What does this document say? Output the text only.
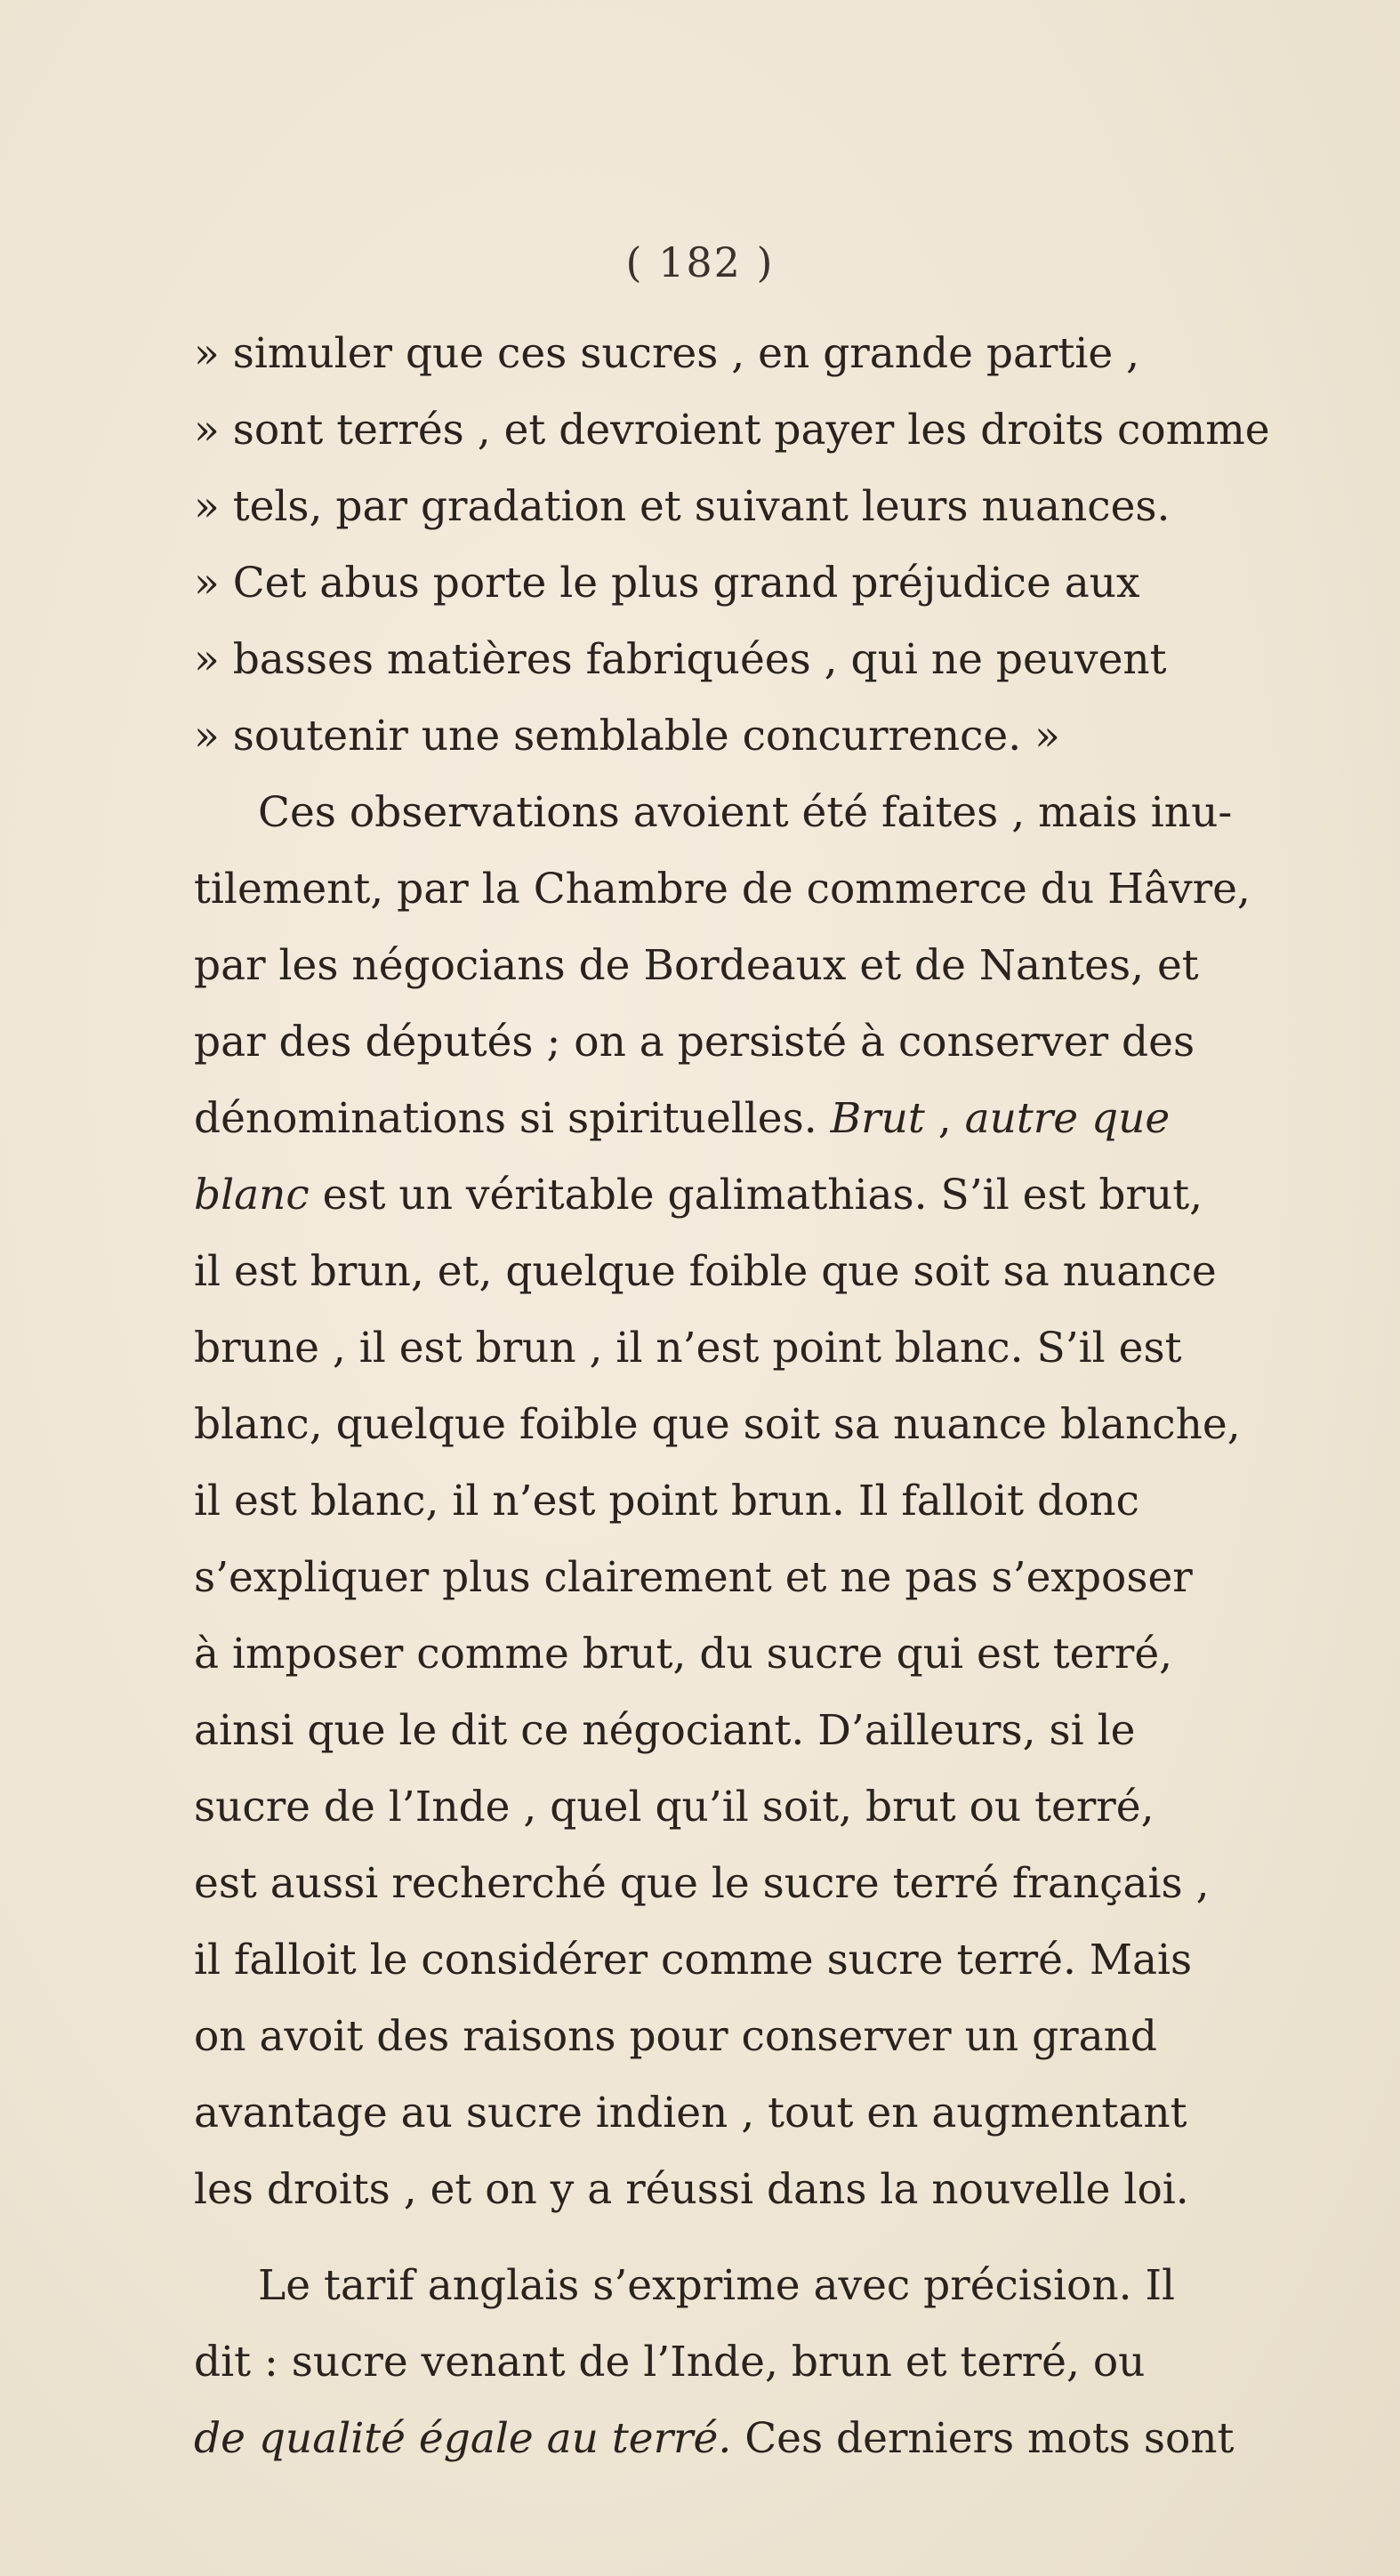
( 182 )
» simuler que ces sucres , en grande partie ,
» sont terrés , et devroient payer les droits comme
» tels, par gradation et suivant leurs nuances.
» Cet abus porte le plus grand préjudice aux
» basses matières fabriquées , qui ne peuvent
» soutenir une semblable concurrence. »
Ces observations avoient été faites , mais inu-
tilement, par la Chambre de commerce du Hâvre,
par les négocians de Bordeaux et de Nantes, et
par des députés ; on a persisté à conserver des
dénominations si spirituelles. Brut , autre que
blanc est un véritable galimathias. S’il est brut,
il est brun, et, quelque foible que soit sa nuance
brune , il est brun , il n’est point blanc. S’il est
blanc, quelque foible que soit sa nuance blanche,
il est blanc, il n’est point brun. Il falloit donc
s’expliquer plus clairement et ne pas s’exposer
à imposer comme brut, du sucre qui est terré,
ainsi que le dit ce négociant. D’ailleurs, si le
sucre de l’Inde , quel qu’il soit, brut ou terré,
est aussi recherché que le sucre terré français ,
il falloit le considérer comme sucre terré. Mais
on avoit des raisons pour conserver un grand
avantage au sucre indien , tout en augmentant
les droits , et on y a réussi dans la nouvelle loi.
Le tarif anglais s’exprime avec précision. Il
dit : sucre venant de l’Inde, brun et terré, ou
de qualité égale au terré. Ces derniers mots sont
